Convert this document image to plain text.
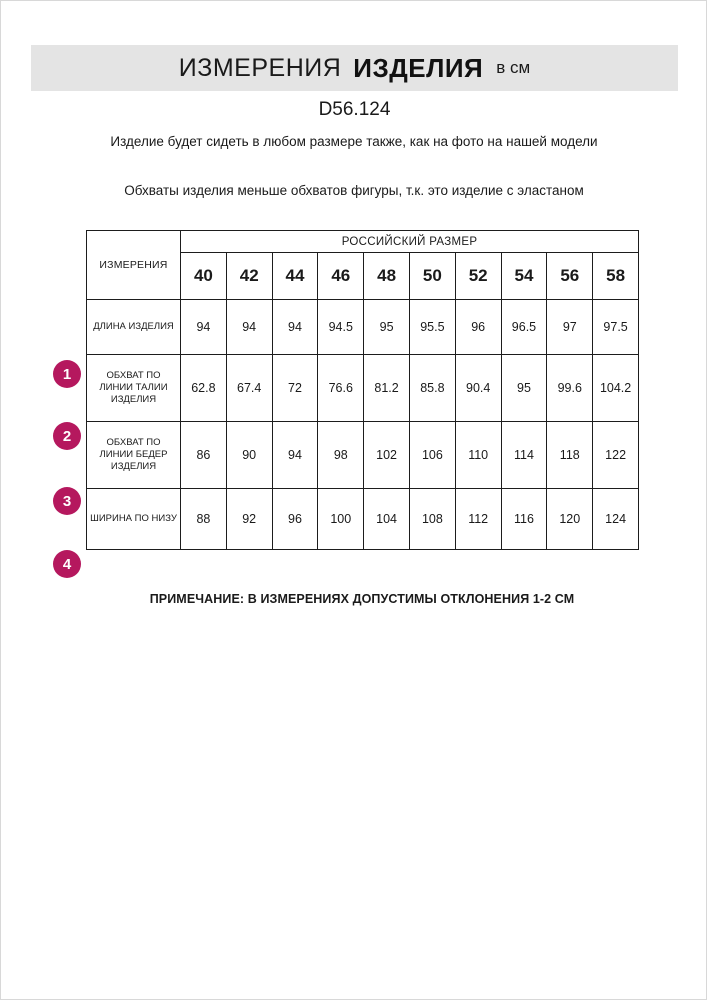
ИЗМЕРЕНИЯ ИЗДЕЛИЯ в см
D56.124
Изделие будет сидеть в любом размере также, как на фото на нашей модели
Обхваты изделия меньше обхватов фигуры, т.к. это изделие с эластаном
1
2
3
4
ИЗМЕРЕНИЯ	РОССИЙСКИЙ РАЗМЕР									
	40	42	44	46	48	50	52	54	56	58
ДЛИНА ИЗДЕЛИЯ	94	94	94	94.5	95	95.5	96	96.5	97	97.5
ОБХВАТ ПО ЛИНИИ ТАЛИИ ИЗДЕЛИЯ	62.8	67.4	72	76.6	81.2	85.8	90.4	95	99.6	104.2
ОБХВАТ ПО ЛИНИИ БЕДЕР ИЗДЕЛИЯ	86	90	94	98	102	106	110	114	118	122
ШИРИНА ПО НИЗУ	88	92	96	100	104	108	112	116	120	124
ПРИМЕЧАНИЕ: В ИЗМЕРЕНИЯХ ДОПУСТИМЫ ОТКЛОНЕНИЯ 1-2 СМ
